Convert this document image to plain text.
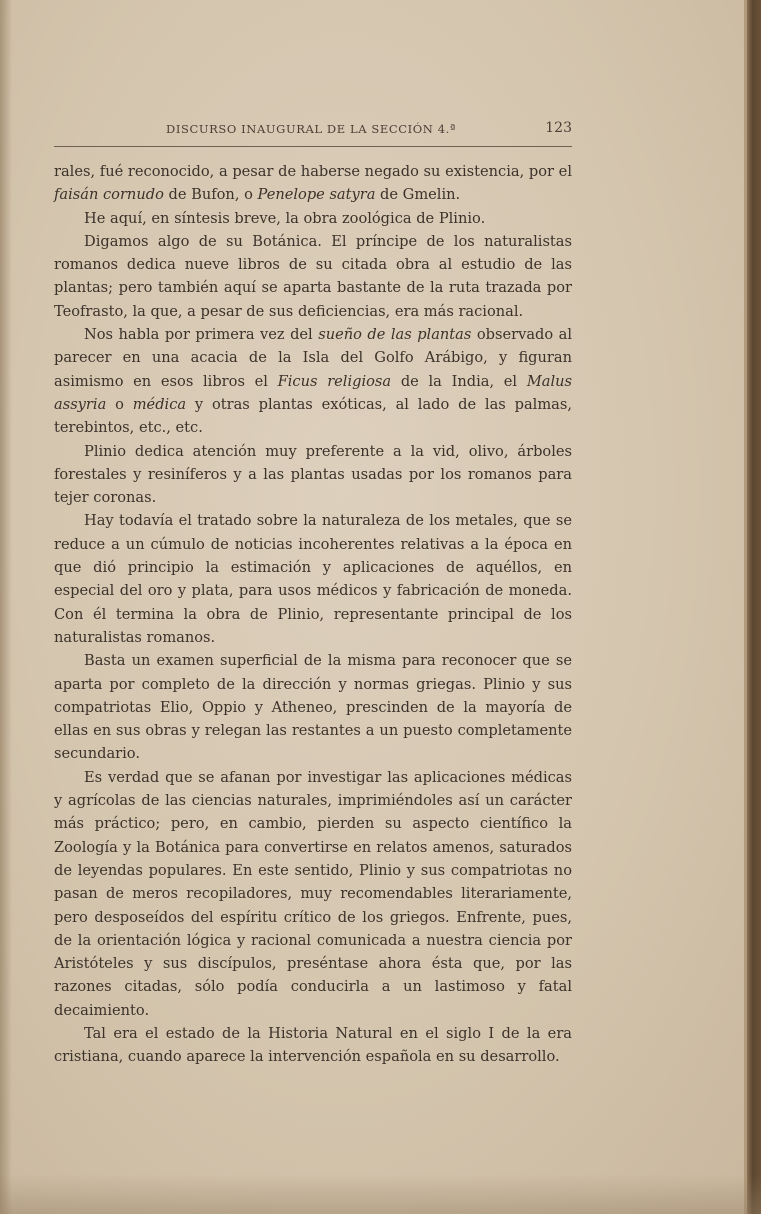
DISCURSO INAUGURAL DE LA SECCIÓN 4.ª	123

rales, fué reconocido, a pesar de haberse negado su existencia, por el faisán cornudo de Bufon, o Penelope satyra de Gmelin.

He aquí, en síntesis breve, la obra zoológica de Plinio.

Digamos algo de su Botánica. El príncipe de los naturalistas romanos dedica nueve libros de su citada obra al estudio de las plantas; pero también aquí se aparta bastante de la ruta trazada por Teofrasto, la que, a pesar de sus deficiencias, era más racional.

Nos habla por primera vez del sueño de las plantas observado al parecer en una acacia de la Isla del Golfo Arábigo, y figuran asimismo en esos libros el Ficus religiosa de la India, el Malus assyria o médica y otras plantas exóticas, al lado de las palmas, terebintos, etc., etc.

Plinio dedica atención muy preferente a la vid, olivo, árboles forestales y resiníferos y a las plantas usadas por los romanos para tejer coronas.

Hay todavía el tratado sobre la naturaleza de los metales, que se reduce a un cúmulo de noticias incoherentes relativas a la época en que dió principio la estimación y aplicaciones de aquéllos, en especial del oro y plata, para usos médicos y fabricación de moneda. Con él termina la obra de Plinio, representante principal de los naturalistas romanos.

Basta un examen superficial de la misma para reconocer que se aparta por completo de la dirección y normas griegas. Plinio y sus compatriotas Elio, Oppio y Atheneo, prescinden de la mayoría de ellas en sus obras y relegan las restantes a un puesto completamente secundario.

Es verdad que se afanan por investigar las aplicaciones médicas y agrícolas de las ciencias naturales, imprimiéndoles así un carácter más práctico; pero, en cambio, pierden su aspecto científico la Zoología y la Botánica para convertirse en relatos amenos, saturados de leyendas populares. En este sentido, Plinio y sus compatriotas no pasan de meros recopiladores, muy recomendables literariamente, pero desposeídos del espíritu crítico de los griegos. Enfrente, pues, de la orientación lógica y racional comunicada a nuestra ciencia por Aristóteles y sus discípulos, preséntase ahora ésta que, por las razones citadas, sólo podía conducirla a un lastimoso y fatal decaimiento.

Tal era el estado de la Historia Natural en el siglo I de la era cristiana, cuando aparece la intervención española en su desarrollo.
